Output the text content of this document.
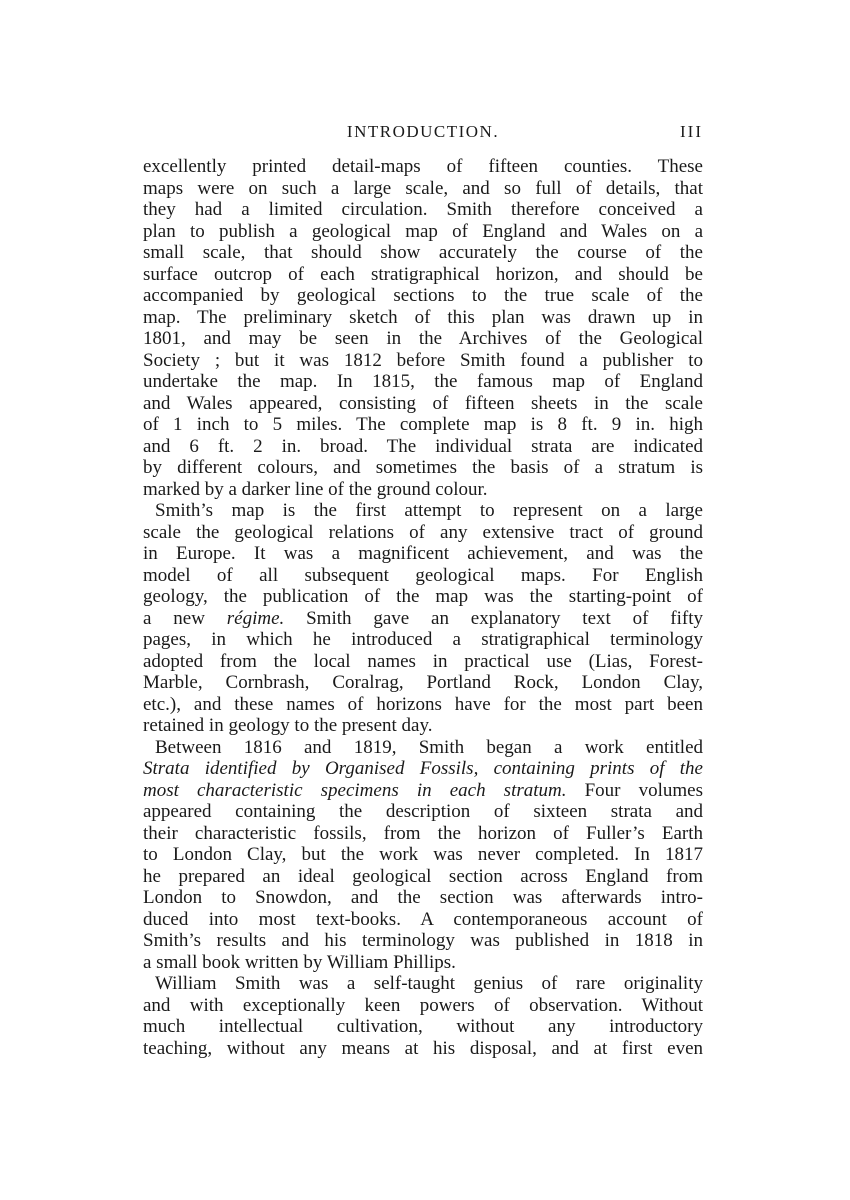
INTRODUCTION.	III
excellently printed detail-maps of fifteen counties. These
maps were on such a large scale, and so full of details, that
they had a limited circulation. Smith therefore conceived a
plan to publish a geological map of England and Wales on a
small scale, that should show accurately the course of the
surface outcrop of each stratigraphical horizon, and should be
accompanied by geological sections to the true scale of the
map. The preliminary sketch of this plan was drawn up in
1801, and may be seen in the Archives of the Geological
Society ; but it was 1812 before Smith found a publisher to
undertake the map. In 1815, the famous map of England
and Wales appeared, consisting of fifteen sheets in the scale
of 1 inch to 5 miles. The complete map is 8 ft. 9 in. high
and 6 ft. 2 in. broad. The individual strata are indicated
by different colours, and sometimes the basis of a stratum is
marked by a darker line of the ground colour.
Smith’s map is the first attempt to represent on a large
scale the geological relations of any extensive tract of ground
in Europe. It was a magnificent achievement, and was the
model of all subsequent geological maps. For English
geology, the publication of the map was the starting-point of
a new régime. Smith gave an explanatory text of fifty
pages, in which he introduced a stratigraphical terminology
adopted from the local names in practical use (Lias, Forest-
Marble, Cornbrash, Coralrag, Portland Rock, London Clay,
etc.), and these names of horizons have for the most part been
retained in geology to the present day.
Between 1816 and 1819, Smith began a work entitled
Strata identified by Organised Fossils, containing prints of the
most characteristic specimens in each stratum. Four volumes
appeared containing the description of sixteen strata and
their characteristic fossils, from the horizon of Fuller’s Earth
to London Clay, but the work was never completed. In 1817
he prepared an ideal geological section across England from
London to Snowdon, and the section was afterwards intro-
duced into most text-books. A contemporaneous account of
Smith’s results and his terminology was published in 1818 in
a small book written by William Phillips.
William Smith was a self-taught genius of rare originality
and with exceptionally keen powers of observation. Without
much intellectual cultivation, without any introductory
teaching, without any means at his disposal, and at first even
